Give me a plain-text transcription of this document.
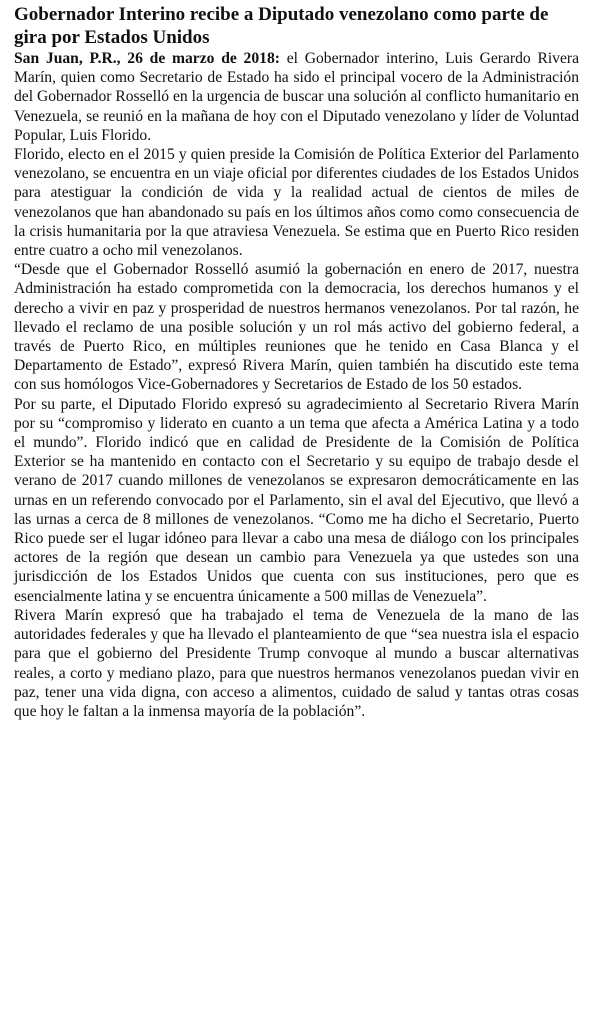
Gobernador Interino recibe a Diputado venezolano como parte de gira por Estados Unidos

San Juan, P.R., 26 de marzo de 2018: el Gobernador interino, Luis Gerardo Rivera Marín, quien como Secretario de Estado ha sido el principal vocero de la Administración del Gobernador Rosselló en la urgencia de buscar una solución al conflicto humanitario en Venezuela, se reunió en la mañana de hoy con el Diputado venezolano y líder de Voluntad Popular, Luis Florido.

Florido, electo en el 2015 y quien preside la Comisión de Política Exterior del Parlamento venezolano, se encuentra en un viaje oficial por diferentes ciudades de los Estados Unidos para atestiguar la condición de vida y la realidad actual de cientos de miles de venezolanos que han abandonado su país en los últimos años como como consecuencia de la crisis humanitaria por la que atraviesa Venezuela. Se estima que en Puerto Rico residen entre cuatro a ocho mil venezolanos.

“Desde que el Gobernador Rosselló asumió la gobernación en enero de 2017, nuestra Administración ha estado comprometida con la democracia, los derechos humanos y el derecho a vivir en paz y prosperidad de nuestros hermanos venezolanos. Por tal razón, he llevado el reclamo de una posible solución y un rol más activo del gobierno federal, a través de Puerto Rico, en múltiples reuniones que he tenido en Casa Blanca y el Departamento de Estado”, expresó Rivera Marín, quien también ha discutido este tema con sus homólogos Vice-Gobernadores y Secretarios de Estado de los 50 estados.

Por su parte, el Diputado Florido expresó su agradecimiento al Secretario Rivera Marín por su “compromiso y liderato en cuanto a un tema que afecta a América Latina y a todo el mundo”. Florido indicó que en calidad de Presidente de la Comisión de Política Exterior se ha mantenido en contacto con el Secretario y su equipo de trabajo desde el verano de 2017 cuando millones de venezolanos se expresaron democráticamente en las urnas en un referendo convocado por el Parlamento, sin el aval del Ejecutivo, que llevó a las urnas a cerca de 8 millones de venezolanos. “Como me ha dicho el Secretario, Puerto Rico puede ser el lugar idóneo para llevar a cabo una mesa de diálogo con los principales actores de la región que desean un cambio para Venezuela ya que ustedes son una jurisdicción de los Estados Unidos que cuenta con sus instituciones, pero que es esencialmente latina y se encuentra únicamente a 500 millas de Venezuela”.

Rivera Marín expresó que ha trabajado el tema de Venezuela de la mano de las autoridades federales y que ha llevado el planteamiento de que “sea nuestra isla el espacio para que el gobierno del Presidente Trump convoque al mundo a buscar alternativas reales, a corto y mediano plazo, para que nuestros hermanos venezolanos puedan vivir en paz, tener una vida digna, con acceso a alimentos, cuidado de salud y tantas otras cosas que hoy le faltan a la inmensa mayoría de la población”.
